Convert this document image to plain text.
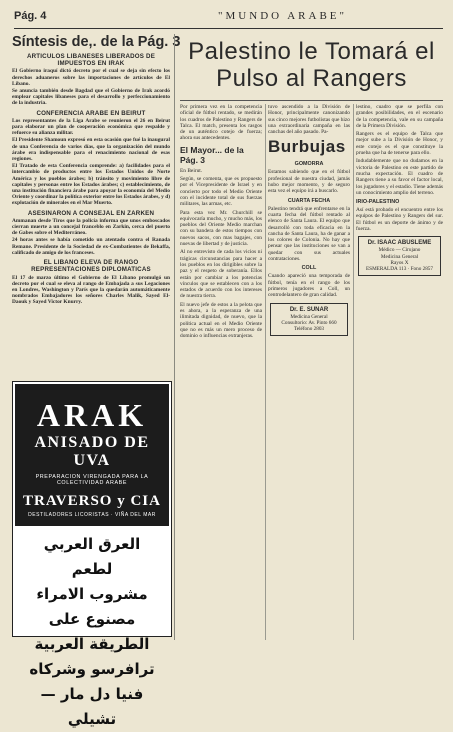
Pág. 4	"MUNDO ARABE"
Síntesis de,. de la Pág. 3
ARTICULOS LIBANESES LIBERADOS DE IMPUESTOS EN IRAK

El Gobierno iraquí dictó decreto por el cual se deja sin efecto los derechos aduaneros sobre las importaciones de artículos de El Líbano.

Se anuncia también desde Bagdad que el Gobierno de Irak acordó emplear capitales libaneses para el desarrollo y perfeccionamiento de la industria.

CONFERENCIA ARABE EN BEIRUT

Los representantes de la Liga Arabe se reunieron el 26 en Beirut para elaborar un plan de cooperación económica que respalde y refuerce su alianza militar.

El Presidente Shamoun expresó en esta ocasión que fué la inaugural de una Conferencia de varios días, que la organización del mundo árabe era indispensable para el renacimiento nacional de esas regiones.

El Tratado de esta Conferencia comprende: a) facilidades para el intercambio de productos entre los Estados Unidos de Norte América y los pueblos árabes; b) tránsito y movimiento libre de capitales y personas entre los Estados árabes; c) establecimiento, de una institución financiera árabe para apoyar la economía del Medio Oriente y coordinar la política exterior entre los Estados árabes, y d) explotación de minerales en el Mar Muerto.

ASESINARON A CONSEJAL EN ZARKEN

Ammanan desde Tiros que la policía informa que unos emboscados cierran muerte a un concejal franceblo en Zarkin, cerca del puerto de Gabes sobre el Mediterráneo.

24 horas antes se había cometido un atentado contra el Ranada Remane. Presidente de la Sociedad de ex-Combatientes de Bekaffa, calificado de amigo de los franceses.

EL LIBANO ELEVA DE RANGO REPRESENTACIONES DIPLOMATICAS

El 17 de marzo último el Gobierno de El Líbano promulgó un decreto por el cual se eleva al rango de Embajada a sus Legaciones en Londres, Washington y París que la quedarán automáticamente nombrados Embajadores los señores Charles Malik, Sayed El-Daouk y Sayed Victor Knurry.

ARAK
ANISADO DE UVA
PREPARACION VIRENGADA PARA LA COLECTIVIDAD ARABE
TRAVERSO y CIA
DESTILADORES LICORISTAS · VIÑA DEL MAR
العرق العربي لطعم
مشروب الامراء
مصنوع على الطريقة العربية
ترافرسو وشركاه
فنيا دل مار — تشيلي
Palestino le Tomará el
Pulso al Rangers

Por primera vez en la competencia oficial de fútbol rentado, se medirán los cuadros de Palestino y Rangers de Talca. El match, presenta los rasgos de un auténtico cotejo de fuerza; ahora sus antecedentes.

El Mayor... de la Pág. 3

En Beirut.

Según, se comenta, que es propuesto por el Vicepresidente de Israel y en concierto por todo el Medio Oriente con el incidente total de sus fuerzas militares, las armas, etc.

Para esta vez Mr. Churchill se equivocaría mucho, y mucho más, los pueblos del Oriente Medio marchan con su bandera de estos tiempos con nuevos sacos, con mas bagajes, con nuevas de libertad y de justicia.

Al no entrevisto de cada los vicios ni trágicas circunstancias para hacer a los pueblos en los dirigibles sobre la paz y el respeto de soberanía. Ellos están por cambiar a los potencias vínculos que se establecen con a los estados de acuerdo con los intereses de nuestra tierra.

El nuevo jefe de estos a la pelota que es ahora, a la esperanza de una ilimitada dignidad, de nuevo, que la política actual en el Medio Oriente que no es más un mero proceso de dominio o influencias extranjeras.

tuvo ascendido a la División de Honor, principalmente canonizando sus cinco mejores futbolistas que hizo una extraordinaria campaña en las canchas del año pasado. Pa-

Burbujas
GOMORRA

Estamos sabiendo que en el fútbol profesional de nuestra ciudad, jamás hubo mejor momento, y de seguro esta vez el equipo irá a buscarlo.

CUARTA FECHA

Palestino tendrá que enfrentarse en la cuarta fecha del fútbol rentado al elenco de Santa Laura. El equipo que desarrolló con toda eficacia en la cancha de Santa Laura, ha de ganar a los colores de Colonia. No hay que pensar que las instituciones se van a quedar con sus actuales contrataciones.

COLL

Cuando apareció una temporada de fútbol, tenía en el rango de los primeros jugadores a Coll, un centrodelantero de gran calidad.

Dr. E. SUNAR
Medicina General
Consultorio: Av. Pinto 660
Teléfono 2803

lestino, cuadro que se perfila con grandes posibilidades, en el escenario de la competencia, vale en su campaña de la Primera División.

Rangers es el equipo de Talca que mejor sube a la División de Honor, y este cotejo es el que constituye la prueba que ha de tenerse para ello.

Indudablemente que no dudamos en la victoria de Palestino en este partido de mucha expectación. El cuadro de Rangers tiene a su favor el factor local, los jugadores y el estadio. Tiene además un conocimiento amplio del terreno.

IRIO-PALESTINO

Así está probado el encuentro entre los equipos de Palestino y Rangers del sur. El fútbol es un deporte de ánimo y de fuerza.

Dr. ISAAC ABUSLEME
Médico — Cirujano
Medicina General
Rayos X
ESMERALDA 113 · Fono 2857
